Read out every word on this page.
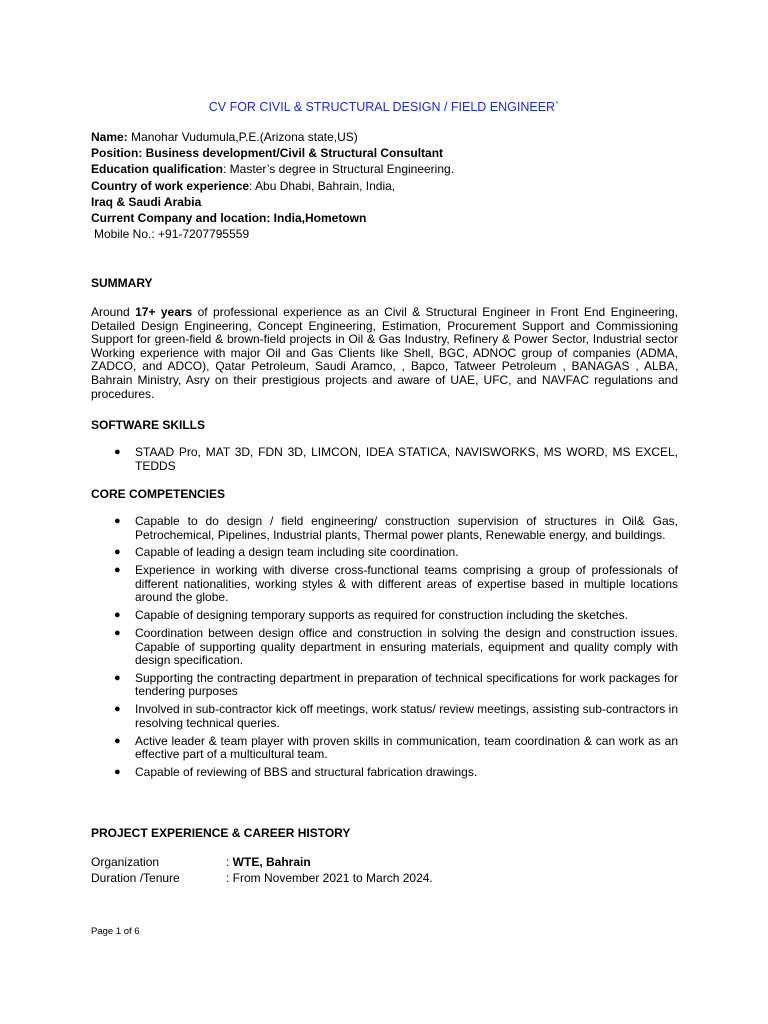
CV FOR CIVIL & STRUCTURAL DESIGN / FIELD ENGINEER`
Name: Manohar Vudumula,P.E.(Arizona state,US)
Position: Business development/Civil & Structural Consultant
Education qualification: Master’s degree in Structural Engineering.
Country of work experience: Abu Dhabi, Bahrain, India,
Iraq & Saudi Arabia
Current Company and location: India,Hometown
Mobile No.: +91-7207795559
SUMMARY
Around 17+ years of professional experience as an Civil & Structural Engineer in Front End Engineering, Detailed Design Engineering, Concept Engineering, Estimation, Procurement Support and Commissioning Support for green-field & brown-field projects in Oil & Gas Industry, Refinery & Power Sector, Industrial sector Working experience with major Oil and Gas Clients like Shell, BGC, ADNOC group of companies (ADMA, ZADCO, and ADCO), Qatar Petroleum, Saudi Aramco, , Bapco, Tatweer Petroleum , BANAGAS , ALBA, Bahrain Ministry, Asry on their prestigious projects and aware of UAE, UFC, and NAVFAC regulations and procedures.
SOFTWARE SKILLS
● STAAD Pro, MAT 3D, FDN 3D, LIMCON, IDEA STATICA, NAVISWORKS, MS WORD, MS EXCEL, TEDDS
CORE COMPETENCIES
● Capable to do design / field engineering/ construction supervision of structures in Oil& Gas, Petrochemical, Pipelines, Industrial plants, Thermal power plants, Renewable energy, and buildings.
● Capable of leading a design team including site coordination.
● Experience in working with diverse cross-functional teams comprising a group of professionals of different nationalities, working styles & with different areas of expertise based in multiple locations around the globe.
● Capable of designing temporary supports as required for construction including the sketches.
● Coordination between design office and construction in solving the design and construction issues. Capable of supporting quality department in ensuring materials, equipment and quality comply with design specification.
● Supporting the contracting department in preparation of technical specifications for work packages for tendering purposes
● Involved in sub-contractor kick off meetings, work status/ review meetings, assisting sub-contractors in resolving technical queries.
● Active leader & team player with proven skills in communication, team coordination & can work as an effective part of a multicultural team.
● Capable of reviewing of BBS and structural fabrication drawings.
PROJECT EXPERIENCE & CAREER HISTORY
Organization	: WTE, Bahrain
Duration /Tenure	: From November 2021 to March 2024.
Page 1 of 6
